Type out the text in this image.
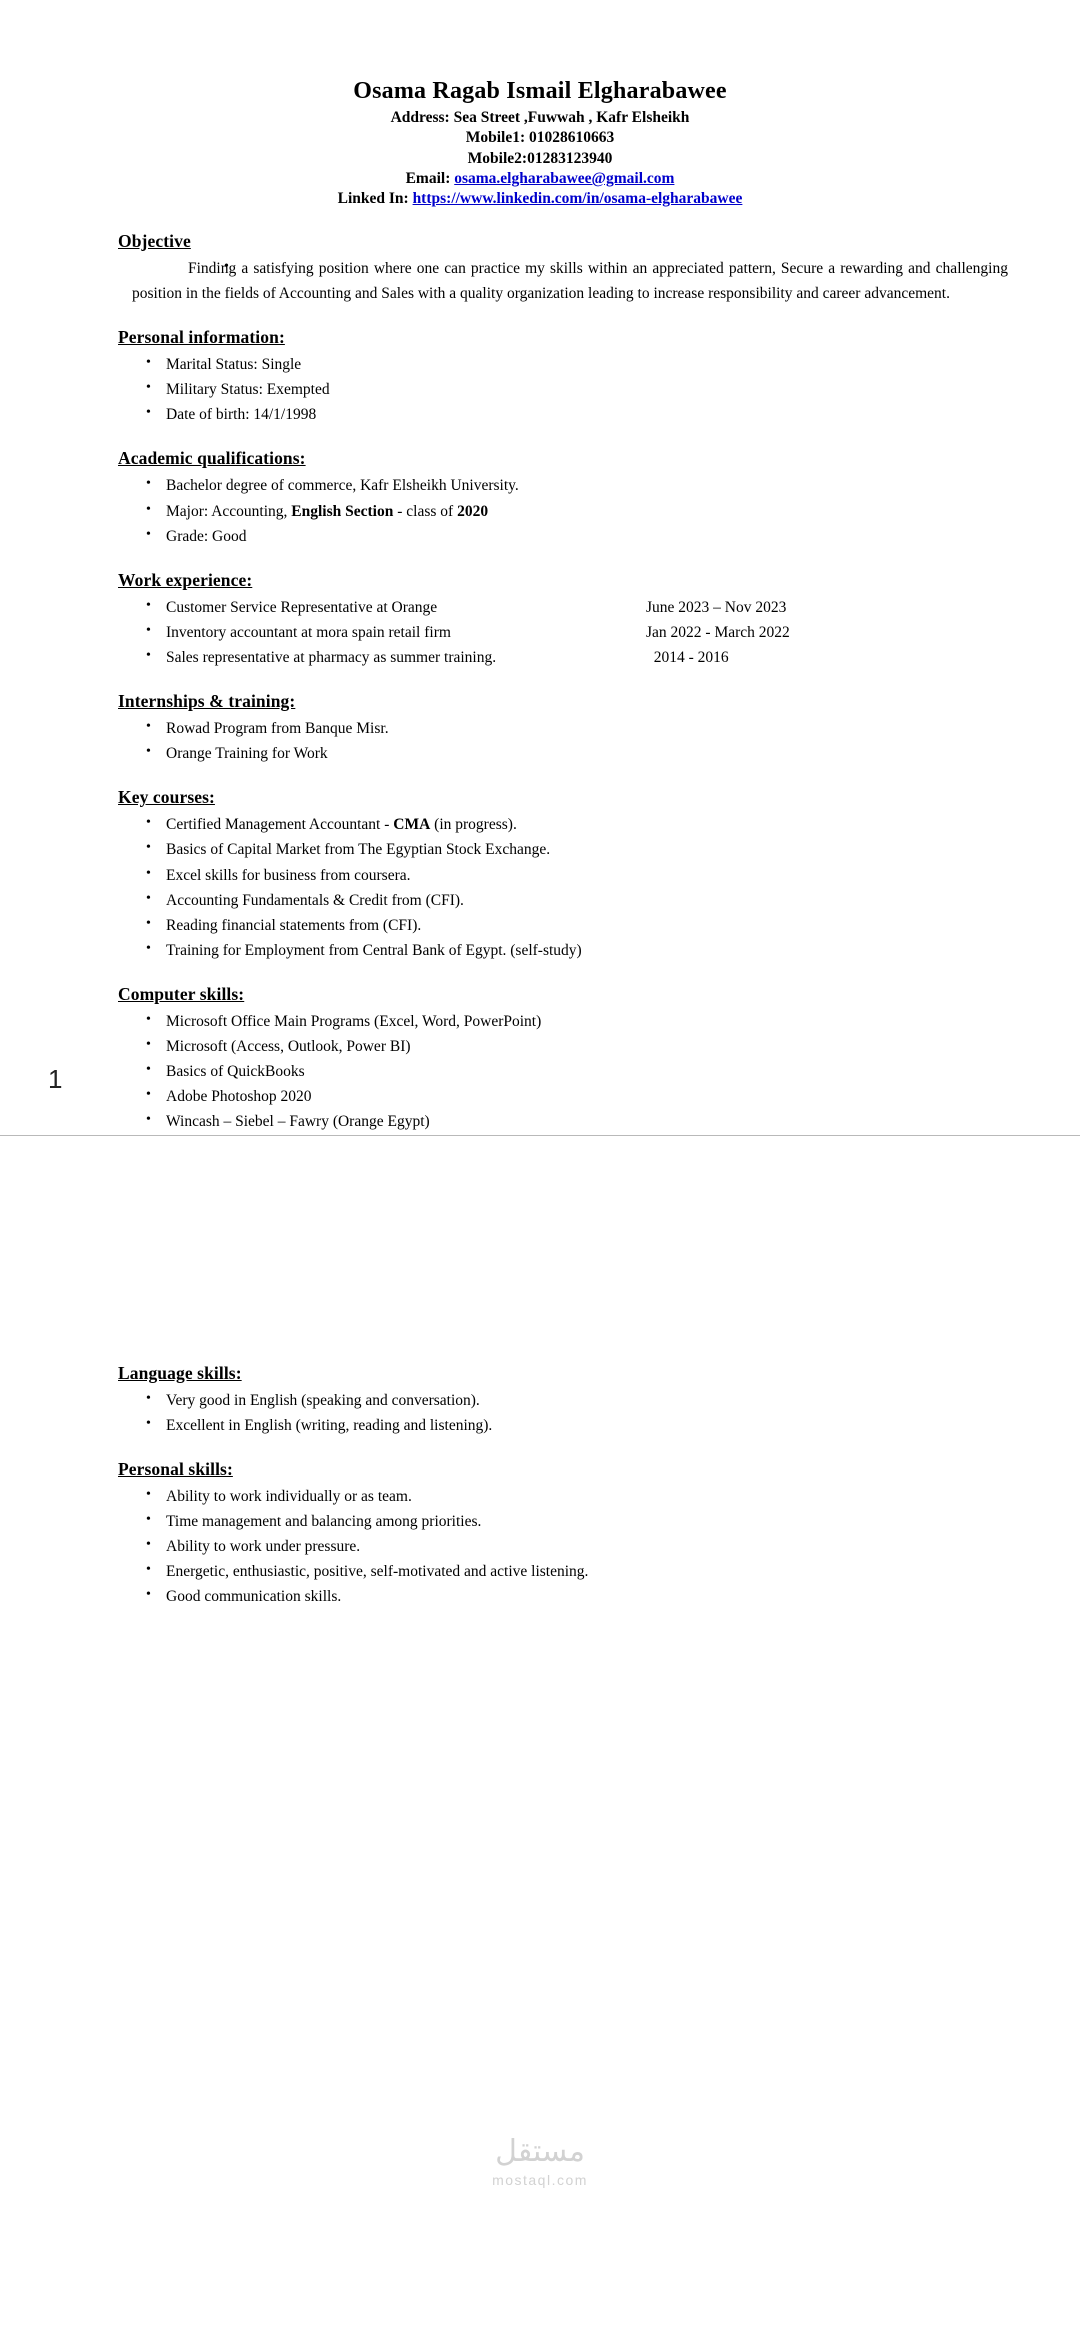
Osama Ragab Ismail Elgharabawee
Address: Sea Street ,Fuwwah , Kafr Elsheikh
Mobile1: 01028610663
Mobile2:01283123940
Email: osama.elgharabawee@gmail.com
Linked In: https://www.linkedin.com/in/osama-elgharabawee
Objective
• Finding a satisfying position where one can practice my skills within an appreciated pattern, Secure a rewarding and challenging position in the fields of Accounting and Sales with a quality organization leading to increase responsibility and career advancement.
Personal information:
• Marital Status: Single
• Military Status: Exempted
• Date of birth: 14/1/1998
Academic qualifications:
• Bachelor degree of commerce, Kafr Elsheikh University.
• Major: Accounting, English Section - class of 2020
• Grade: Good
Work experience:
• Customer Service Representative at Orange	June 2023 – Nov 2023
• Inventory accountant at mora spain retail firm	Jan 2022 - March 2022
• Sales representative at pharmacy as summer training.	2014 - 2016
Internships & training:
• Rowad Program from Banque Misr.
• Orange Training for Work
Key courses:
• Certified Management Accountant - CMA (in progress).
• Basics of Capital Market from The Egyptian Stock Exchange.
• Excel skills for business from coursera.
• Accounting Fundamentals & Credit from (CFI).
• Reading financial statements from (CFI).
• Training for Employment from Central Bank of Egypt. (self-study)
Computer skills:
• Microsoft Office Main Programs (Excel, Word, PowerPoint)
• Microsoft (Access, Outlook, Power BI)
• Basics of QuickBooks
• Adobe Photoshop 2020
• Wincash – Siebel – Fawry (Orange Egypt)
1
Language skills:
• Very good in English (speaking and conversation).
• Excellent in English (writing, reading and listening).
Personal skills:
• Ability to work individually or as team.
• Time management and balancing among priorities.
• Ability to work under pressure.
• Energetic, enthusiastic, positive, self-motivated and active listening.
• Good communication skills.
مستقل
mostaql.com
